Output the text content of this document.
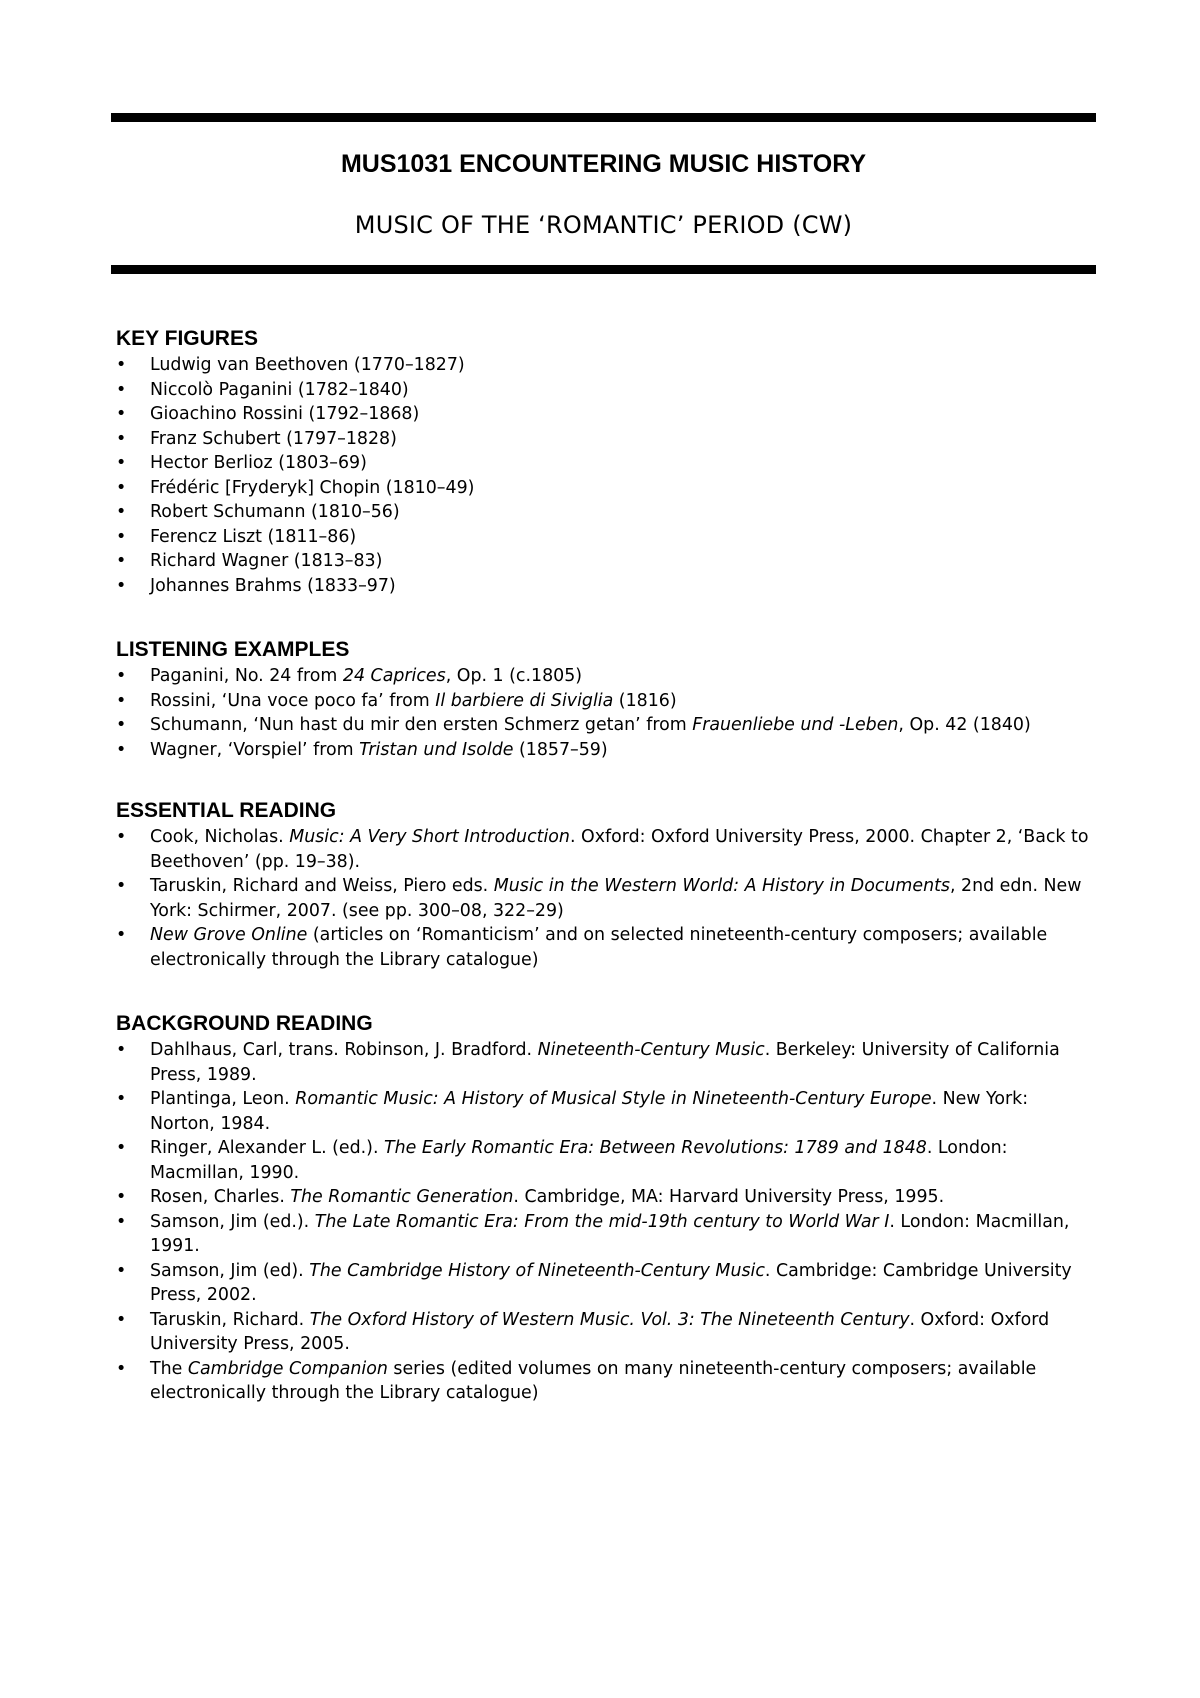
MUS1031 ENCOUNTERING MUSIC HISTORY
MUSIC OF THE ‘ROMANTIC’ PERIOD (CW)
KEY FIGURES
•	Ludwig van Beethoven (1770–1827)
•	Niccolò Paganini (1782–1840)
•	Gioachino Rossini (1792–1868)
•	Franz Schubert (1797–1828)
•	Hector Berlioz (1803–69)
•	Frédéric [Fryderyk] Chopin (1810–49)
•	Robert Schumann (1810–56)
•	Ferencz Liszt (1811–86)
•	Richard Wagner (1813–83)
•	Johannes Brahms (1833–97)
LISTENING EXAMPLES
•	Paganini, No. 24 from 24 Caprices, Op. 1 (c.1805)
•	Rossini, ‘Una voce poco fa’ from Il barbiere di Siviglia (1816)
•	Schumann, ‘Nun hast du mir den ersten Schmerz getan’ from Frauenliebe und -Leben, Op. 42 (1840)
•	Wagner, ‘Vorspiel’ from Tristan und Isolde (1857–59)
ESSENTIAL READING
•	Cook, Nicholas. Music: A Very Short Introduction. Oxford: Oxford University Press, 2000. Chapter 2, ‘Back to Beethoven’ (pp. 19–38).
•	Taruskin, Richard and Weiss, Piero eds. Music in the Western World: A History in Documents, 2nd edn. New York: Schirmer, 2007. (see pp. 300–08, 322–29)
•	New Grove Online (articles on ‘Romanticism’ and on selected nineteenth-century composers; available electronically through the Library catalogue)
BACKGROUND READING
•	Dahlhaus, Carl, trans. Robinson, J. Bradford. Nineteenth-Century Music. Berkeley: University of California Press, 1989.
•	Plantinga, Leon. Romantic Music: A History of Musical Style in Nineteenth-Century Europe. New York: Norton, 1984.
•	Ringer, Alexander L. (ed.). The Early Romantic Era: Between Revolutions: 1789 and 1848. London: Macmillan, 1990.
•	Rosen, Charles. The Romantic Generation. Cambridge, MA: Harvard University Press, 1995.
•	Samson, Jim (ed.). The Late Romantic Era: From the mid-19th century to World War I. London: Macmillan, 1991.
•	Samson, Jim (ed). The Cambridge History of Nineteenth-Century Music. Cambridge: Cambridge University Press, 2002.
•	Taruskin, Richard. The Oxford History of Western Music. Vol. 3: The Nineteenth Century. Oxford: Oxford University Press, 2005.
•	The Cambridge Companion series (edited volumes on many nineteenth-century composers; available electronically through the Library catalogue)
